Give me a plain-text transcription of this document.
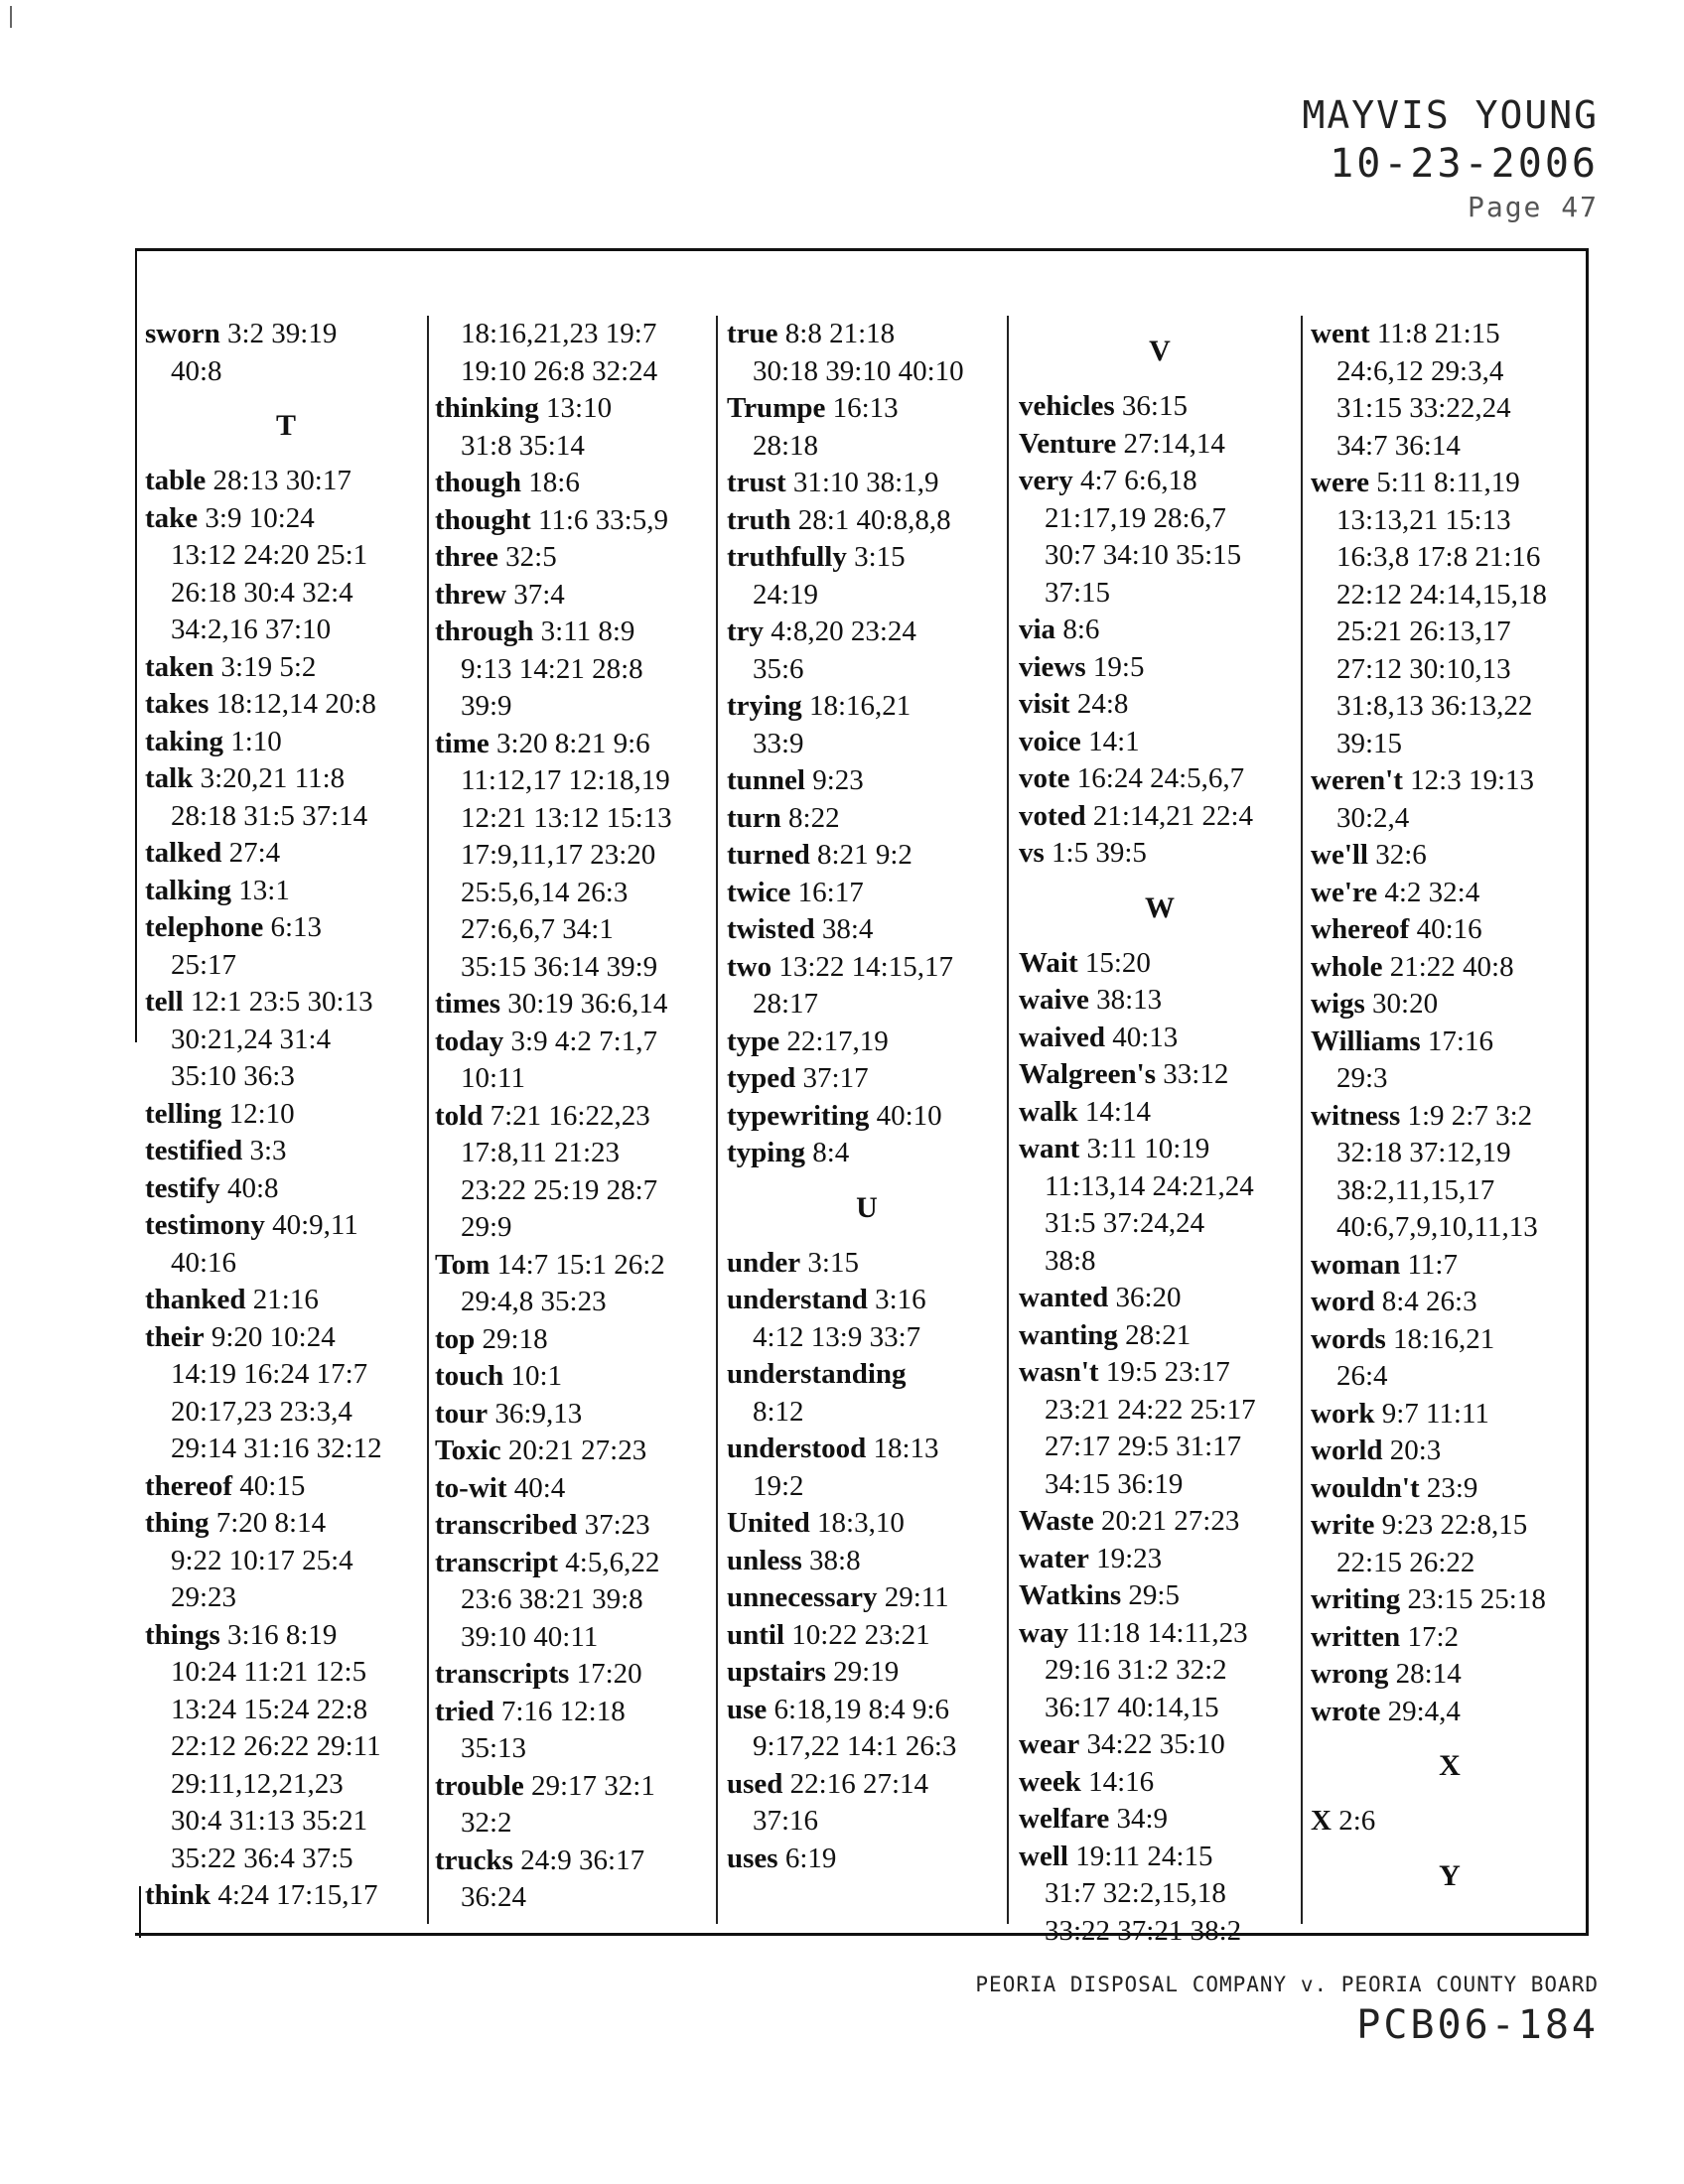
MAYVIS YOUNG
10-23-2006
Page 47
sworn 3:2 39:19
40:8
T
table 28:13 30:17
take 3:9 10:24
13:12 24:20 25:1
26:18 30:4 32:4
34:2,16 37:10
taken 3:19 5:2
takes 18:12,14 20:8
taking 1:10
talk 3:20,21 11:8
28:18 31:5 37:14
talked 27:4
talking 13:1
telephone 6:13
25:17
tell 12:1 23:5 30:13
30:21,24 31:4
35:10 36:3
telling 12:10
testified 3:3
testify 40:8
testimony 40:9,11
40:16
thanked 21:16
their 9:20 10:24
14:19 16:24 17:7
20:17,23 23:3,4
29:14 31:16 32:12
thereof 40:15
thing 7:20 8:14
9:22 10:17 25:4
29:23
things 3:16 8:19
10:24 11:21 12:5
13:24 15:24 22:8
22:12 26:22 29:11
29:11,12,21,23
30:4 31:13 35:21
35:22 36:4 37:5
think 4:24 17:15,17
18:16,21,23 19:7
19:10 26:8 32:24
thinking 13:10
31:8 35:14
though 18:6
thought 11:6 33:5,9
three 32:5
threw 37:4
through 3:11 8:9
9:13 14:21 28:8
39:9
time 3:20 8:21 9:6
11:12,17 12:18,19
12:21 13:12 15:13
17:9,11,17 23:20
25:5,6,14 26:3
27:6,6,7 34:1
35:15 36:14 39:9
times 30:19 36:6,14
today 3:9 4:2 7:1,7
10:11
told 7:21 16:22,23
17:8,11 21:23
23:22 25:19 28:7
29:9
Tom 14:7 15:1 26:2
29:4,8 35:23
top 29:18
touch 10:1
tour 36:9,13
Toxic 20:21 27:23
to-wit 40:4
transcribed 37:23
transcript 4:5,6,22
23:6 38:21 39:8
39:10 40:11
transcripts 17:20
tried 7:16 12:18
35:13
trouble 29:17 32:1
32:2
trucks 24:9 36:17
36:24
true 8:8 21:18
30:18 39:10 40:10
Trumpe 16:13
28:18
trust 31:10 38:1,9
truth 28:1 40:8,8,8
truthfully 3:15
24:19
try 4:8,20 23:24
35:6
trying 18:16,21
33:9
tunnel 9:23
turn 8:22
turned 8:21 9:2
twice 16:17
twisted 38:4
two 13:22 14:15,17
28:17
type 22:17,19
typed 37:17
typewriting 40:10
typing 8:4
U
under 3:15
understand 3:16
4:12 13:9 33:7
understanding
8:12
understood 18:13
19:2
United 18:3,10
unless 38:8
unnecessary 29:11
until 10:22 23:21
upstairs 29:19
use 6:18,19 8:4 9:6
9:17,22 14:1 26:3
used 22:16 27:14
37:16
uses 6:19
V
vehicles 36:15
Venture 27:14,14
very 4:7 6:6,18
21:17,19 28:6,7
30:7 34:10 35:15
37:15
via 8:6
views 19:5
visit 24:8
voice 14:1
vote 16:24 24:5,6,7
voted 21:14,21 22:4
vs 1:5 39:5
W
Wait 15:20
waive 38:13
waived 40:13
Walgreen's 33:12
walk 14:14
want 3:11 10:19
11:13,14 24:21,24
31:5 37:24,24
38:8
wanted 36:20
wanting 28:21
wasn't 19:5 23:17
23:21 24:22 25:17
27:17 29:5 31:17
34:15 36:19
Waste 20:21 27:23
water 19:23
Watkins 29:5
way 11:18 14:11,23
29:16 31:2 32:2
36:17 40:14,15
wear 34:22 35:10
week 14:16
welfare 34:9
well 19:11 24:15
31:7 32:2,15,18
33:22 37:21 38:2
went 11:8 21:15
24:6,12 29:3,4
31:15 33:22,24
34:7 36:14
were 5:11 8:11,19
13:13,21 15:13
16:3,8 17:8 21:16
22:12 24:14,15,18
25:21 26:13,17
27:12 30:10,13
31:8,13 36:13,22
39:15
weren't 12:3 19:13
30:2,4
we'll 32:6
we're 4:2 32:4
whereof 40:16
whole 21:22 40:8
wigs 30:20
Williams 17:16
29:3
witness 1:9 2:7 3:2
32:18 37:12,19
38:2,11,15,17
40:6,7,9,10,11,13
woman 11:7
word 8:4 26:3
words 18:16,21
26:4
work 9:7 11:11
world 20:3
wouldn't 23:9
write 9:23 22:8,15
22:15 26:22
writing 23:15 25:18
written 17:2
wrong 28:14
wrote 29:4,4
X
X 2:6
Y
PEORIA DISPOSAL COMPANY v. PEORIA COUNTY BOARD
PCB06-184
